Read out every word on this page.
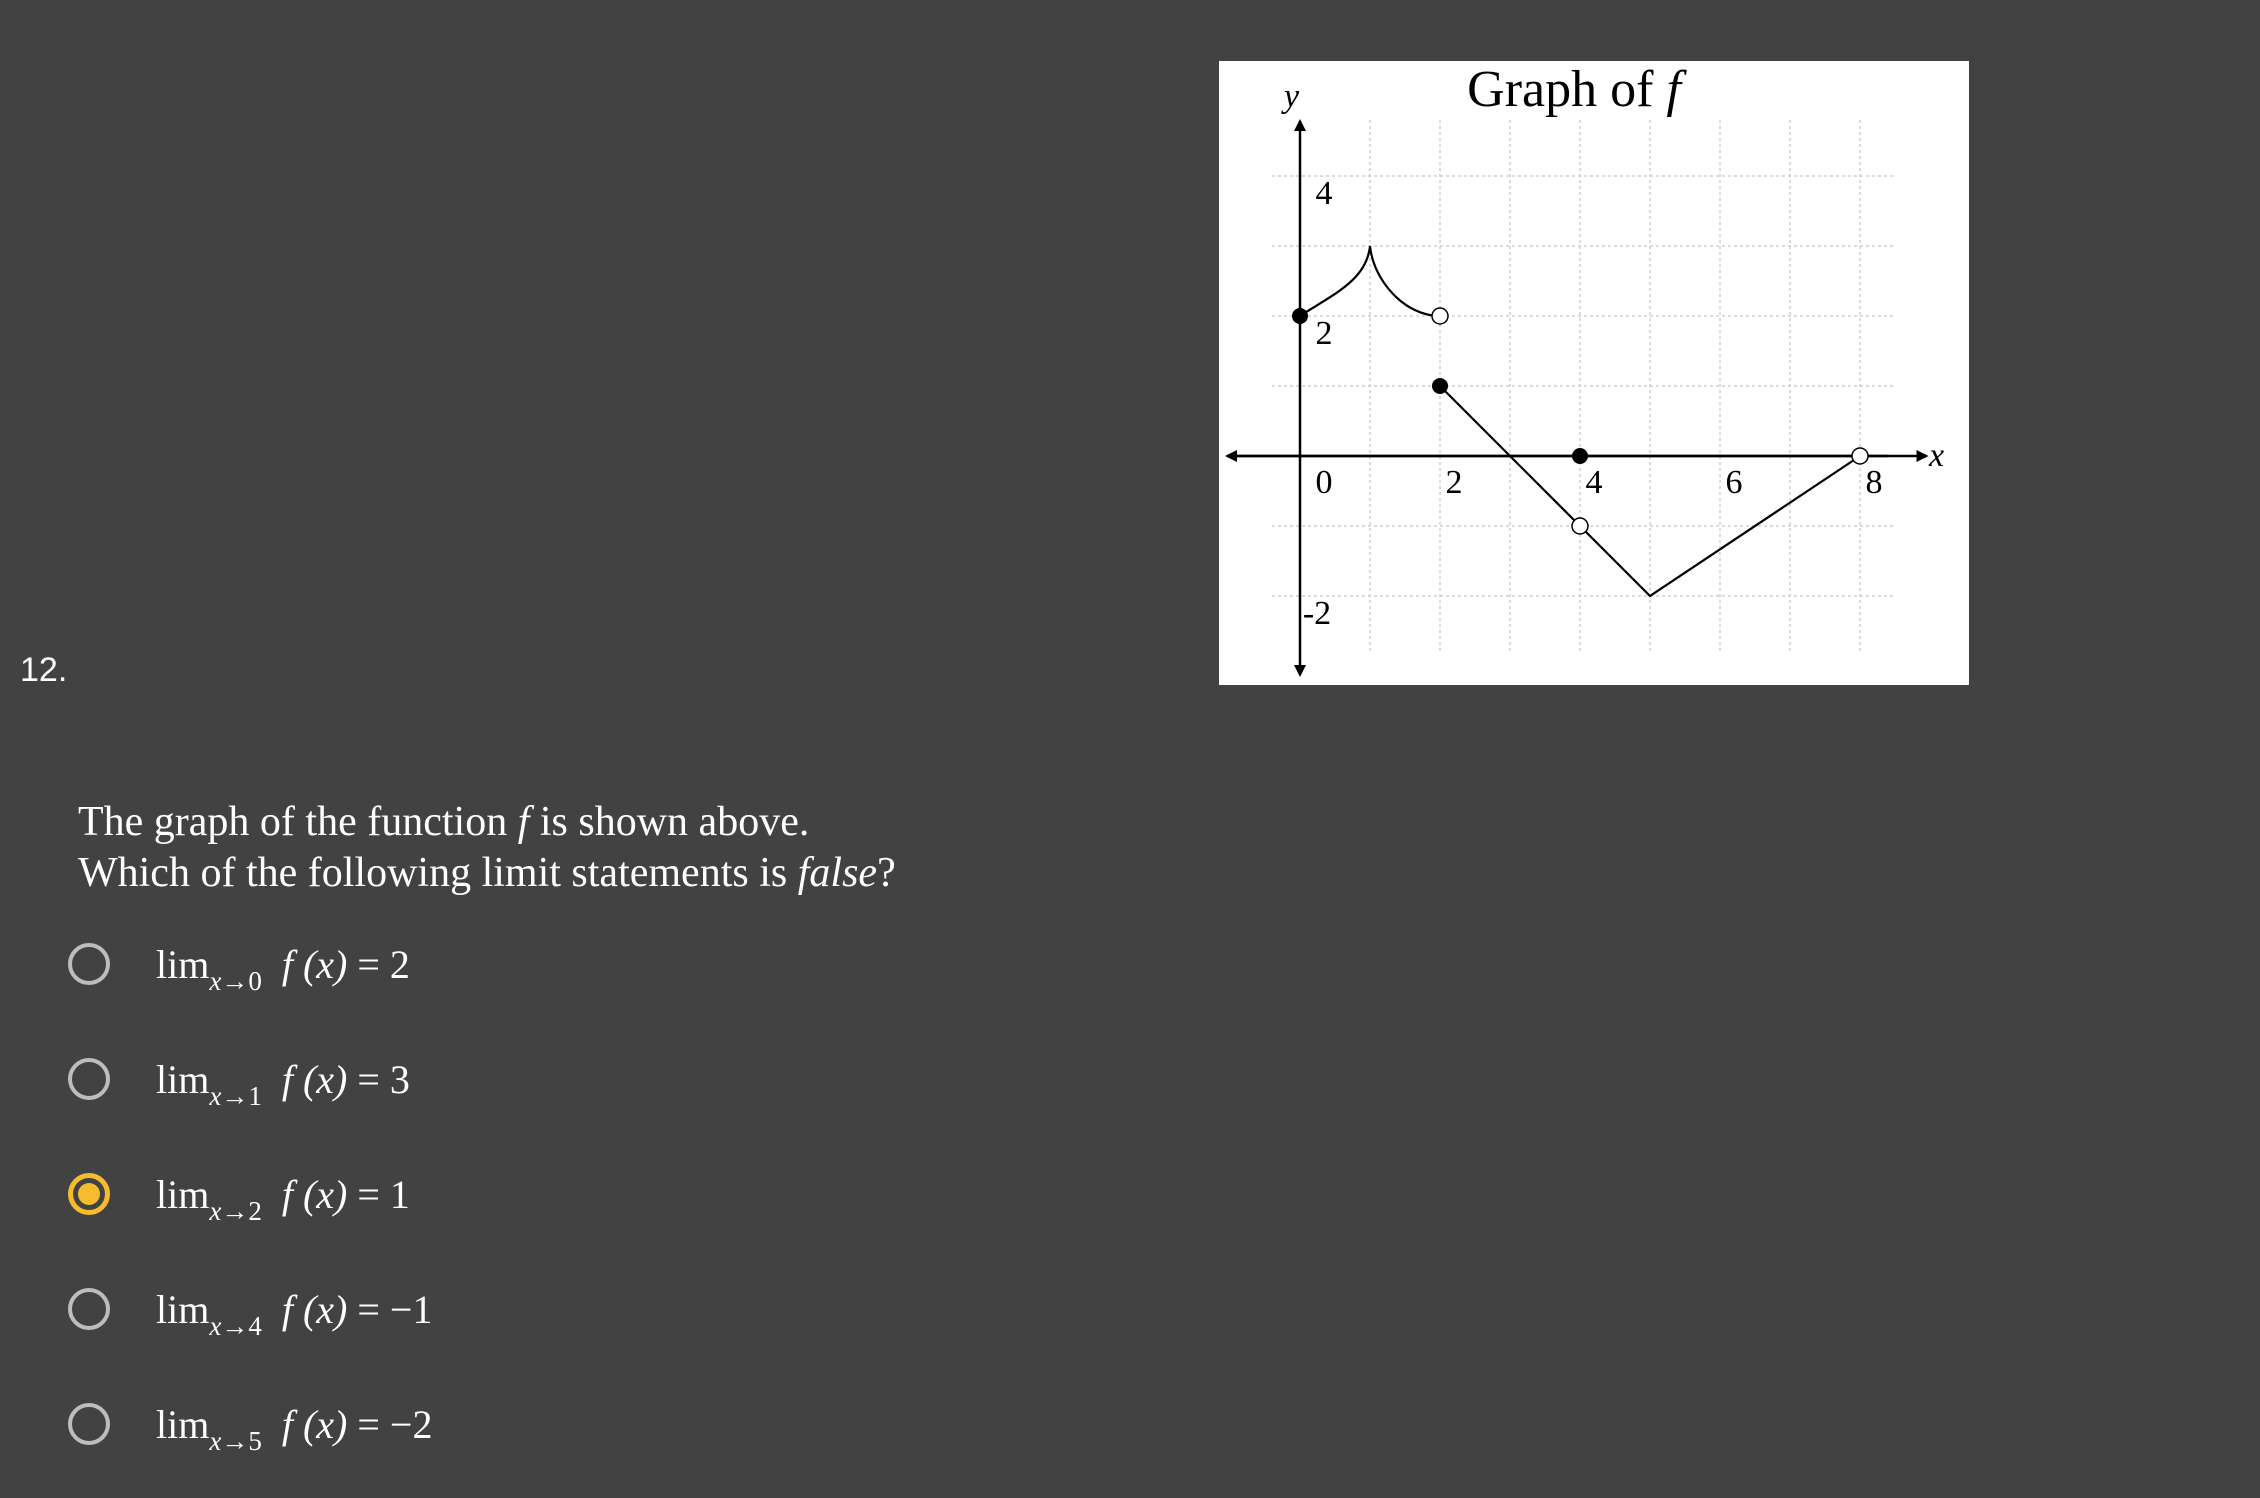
12.
0	2	4	6	8
4
2
-2
x
y	Graph of f
The graph of the function f is shown above.
Which of the following limit statements is false?
$\lim_{x\to 0} f$ (x) = 2
$\lim_{x\to 1} f$ (x) = 3
$\lim_{x\to 2} f$ (x) = 1
$\lim_{x\to 4} f$ (x) = −1
$\lim_{x\to 5} f$ (x) = −2
